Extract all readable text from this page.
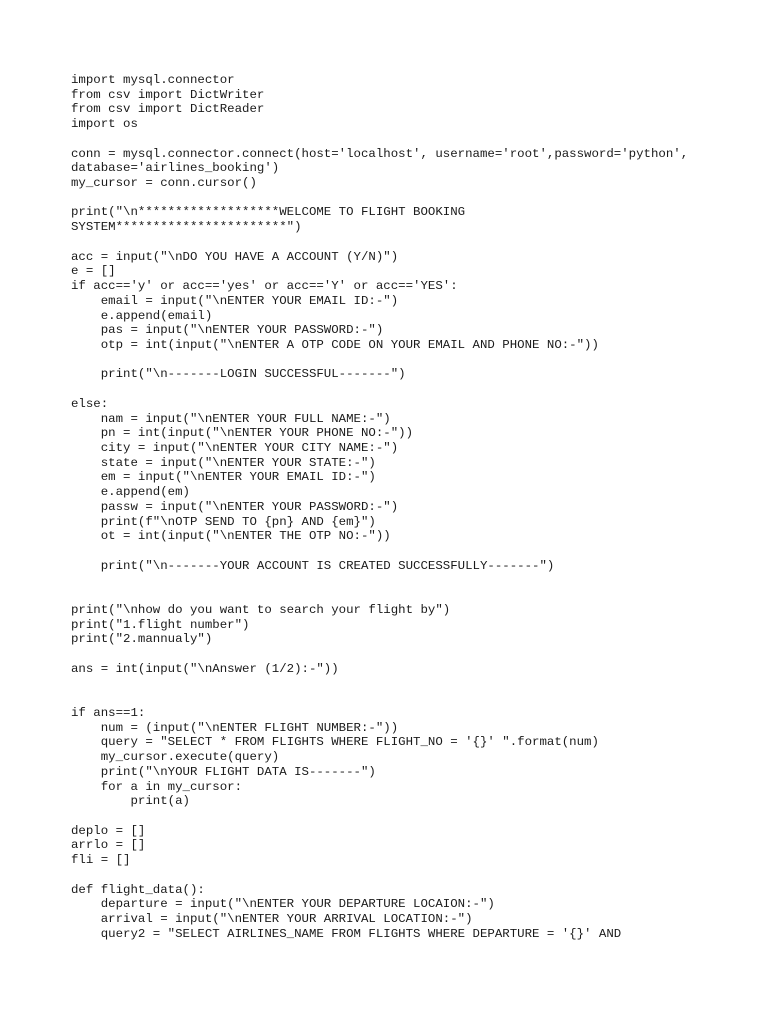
import mysql.connector
from csv import DictWriter
from csv import DictReader
import os
conn = mysql.connector.connect(host='localhost', username='root',password='python',
database='airlines_booking')
my_cursor = conn.cursor()
print("\n*******************WELCOME TO FLIGHT BOOKING
SYSTEM***********************")
acc = input("\nDO YOU HAVE A ACCOUNT (Y/N)")
e = []
if acc=='y' or acc=='yes' or acc=='Y' or acc=='YES':
email = input("\nENTER YOUR EMAIL ID:-")
e.append(email)
pas = input("\nENTER YOUR PASSWORD:-")
otp = int(input("\nENTER A OTP CODE ON YOUR EMAIL AND PHONE NO:-"))
print("\n-------LOGIN SUCCESSFUL-------")
else:
nam = input("\nENTER YOUR FULL NAME:-")
pn = int(input("\nENTER YOUR PHONE NO:-"))
city = input("\nENTER YOUR CITY NAME:-")
state = input("\nENTER YOUR STATE:-")
em = input("\nENTER YOUR EMAIL ID:-")
e.append(em)
passw = input("\nENTER YOUR PASSWORD:-")
print(f"\nOTP SEND TO {pn} AND {em}")
ot = int(input("\nENTER THE OTP NO:-"))
print("\n-------YOUR ACCOUNT IS CREATED SUCCESSFULLY-------")
print("\nhow do you want to search your flight by")
print("1.flight number")
print("2.mannualy")
ans = int(input("\nAnswer (1/2):-"))
if ans==1:
num = (input("\nENTER FLIGHT NUMBER:-"))
query = "SELECT * FROM FLIGHTS WHERE FLIGHT_NO = '{}' ".format(num)
my_cursor.execute(query)
print("\nYOUR FLIGHT DATA IS-------")
for a in my_cursor:
print(a)
deplo = []
arrlo = []
fli = []
def flight_data():
departure = input("\nENTER YOUR DEPARTURE LOCAION:-")
arrival = input("\nENTER YOUR ARRIVAL LOCATION:-")
query2 = "SELECT AIRLINES_NAME FROM FLIGHTS WHERE DEPARTURE = '{}' AND
